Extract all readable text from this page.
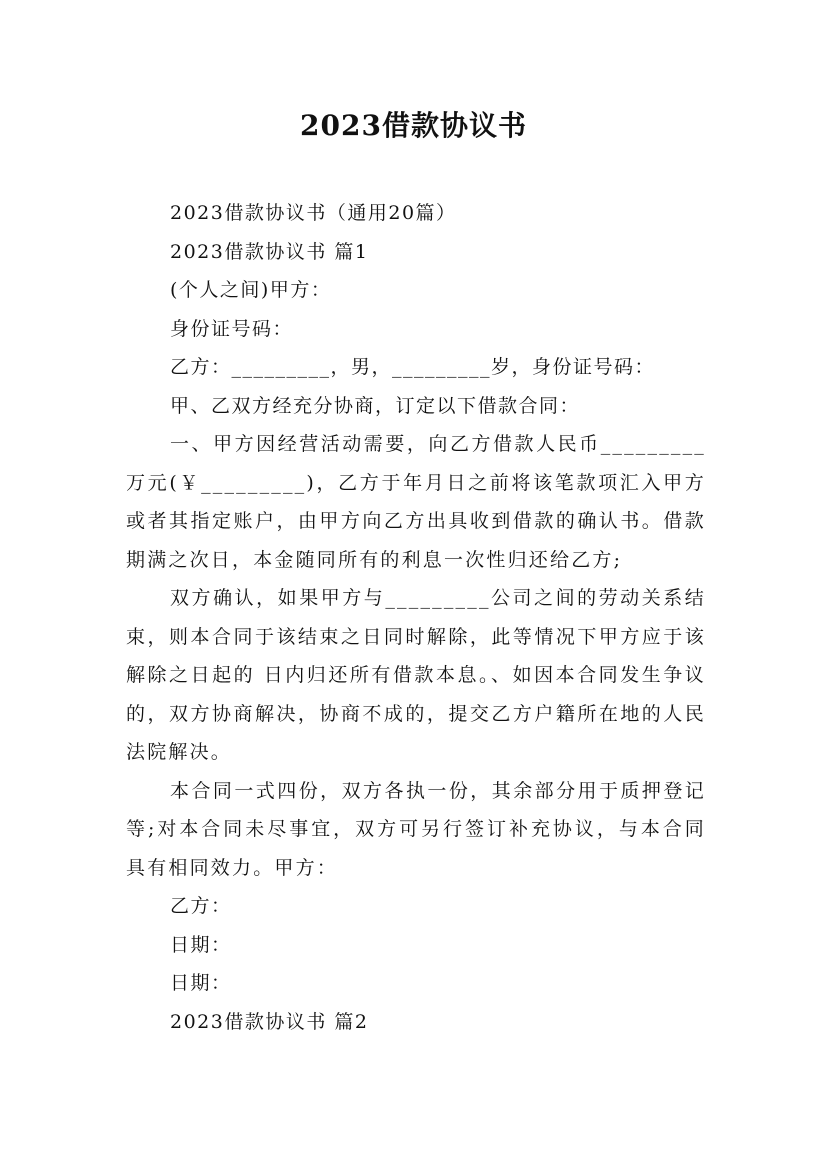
2023借款协议书
2023借款协议书（通用20篇）
2023借款协议书 篇1
(个人之间)甲方：
身份证号码：
乙方：_________，男，_________岁，身份证号码：
甲、乙双方经充分协商，订定以下借款合同：
一、甲方因经营活动需要，向乙方借款人民币_________万元(￥_________)，乙方于年月日之前将该笔款项汇入甲方或者其指定账户，由甲方向乙方出具收到借款的确认书。借款期满之次日，本金随同所有的利息一次性归还给乙方;
双方确认，如果甲方与_________公司之间的劳动关系结束，则本合同于该结束之日同时解除，此等情况下甲方应于该解除之日起的 日内归还所有借款本息。、如因本合同发生争议的，双方协商解决，协商不成的，提交乙方户籍所在地的人民法院解决。
本合同一式四份，双方各执一份，其余部分用于质押登记等;对本合同未尽事宜，双方可另行签订补充协议，与本合同具有相同效力。甲方：
乙方：
日期：
日期：
2023借款协议书 篇2
